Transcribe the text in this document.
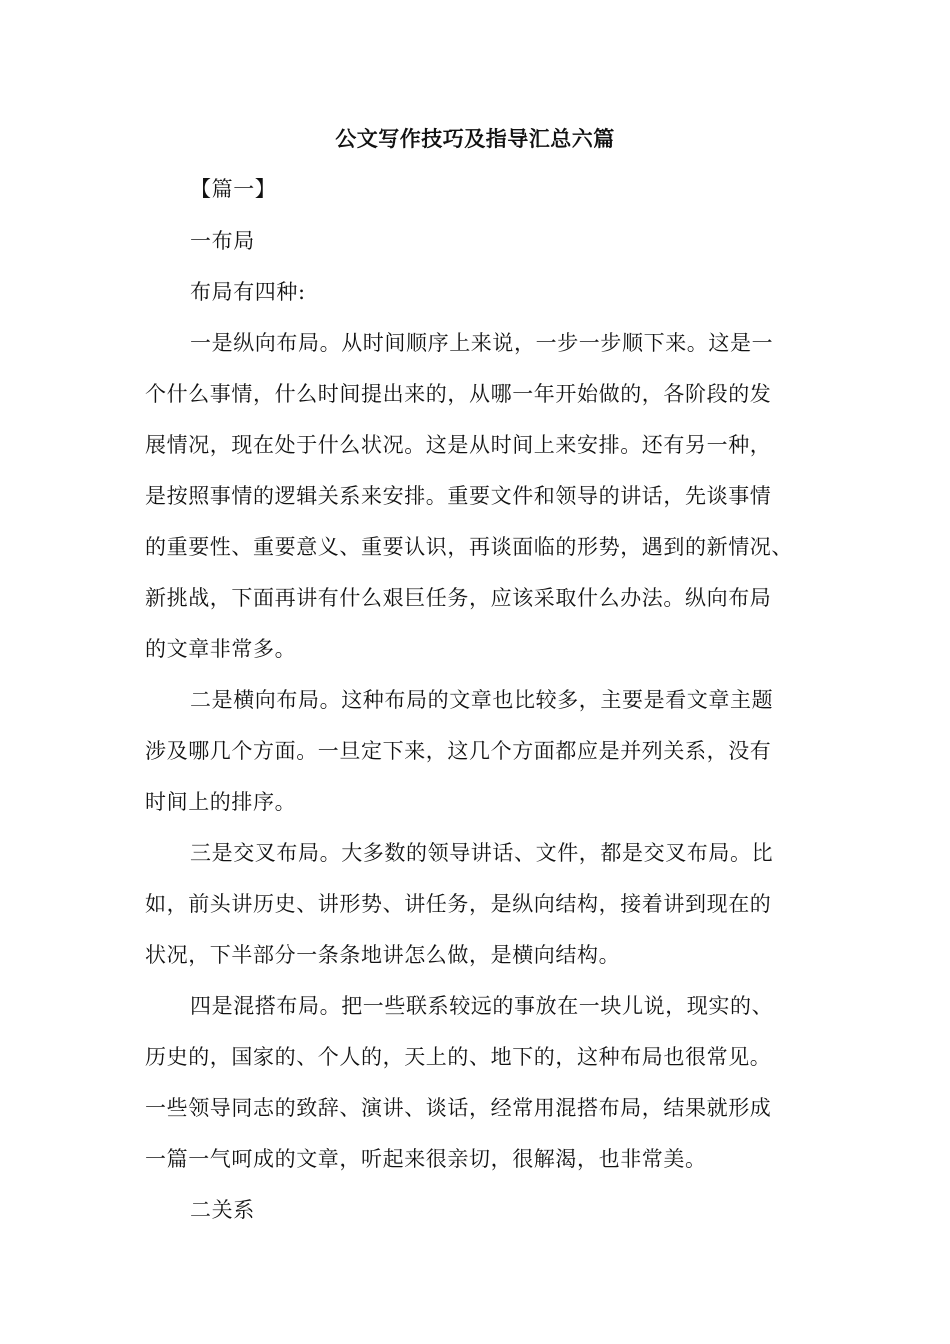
公文写作技巧及指导汇总六篇
【篇一】
一布局
布局有四种:
一是纵向布局。从时间顺序上来说，一步一步顺下来。这是一
个什么事情，什么时间提出来的，从哪一年开始做的，各阶段的发
展情况，现在处于什么状况。这是从时间上来安排。还有另一种，
是按照事情的逻辑关系来安排。重要文件和领导的讲话，先谈事情
的重要性、重要意义、重要认识，再谈面临的形势，遇到的新情况、
新挑战，下面再讲有什么艰巨任务，应该采取什么办法。纵向布局
的文章非常多。
二是横向布局。这种布局的文章也比较多，主要是看文章主题
涉及哪几个方面。一旦定下来，这几个方面都应是并列关系，没有
时间上的排序。
三是交叉布局。大多数的领导讲话、文件，都是交叉布局。比
如，前头讲历史、讲形势、讲任务，是纵向结构，接着讲到现在的
状况，下半部分一条条地讲怎么做，是横向结构。
四是混搭布局。把一些联系较远的事放在一块儿说，现实的、
历史的，国家的、个人的，天上的、地下的，这种布局也很常见。
一些领导同志的致辞、演讲、谈话，经常用混搭布局，结果就形成
一篇一气呵成的文章，听起来很亲切，很解渴，也非常美。
二关系
